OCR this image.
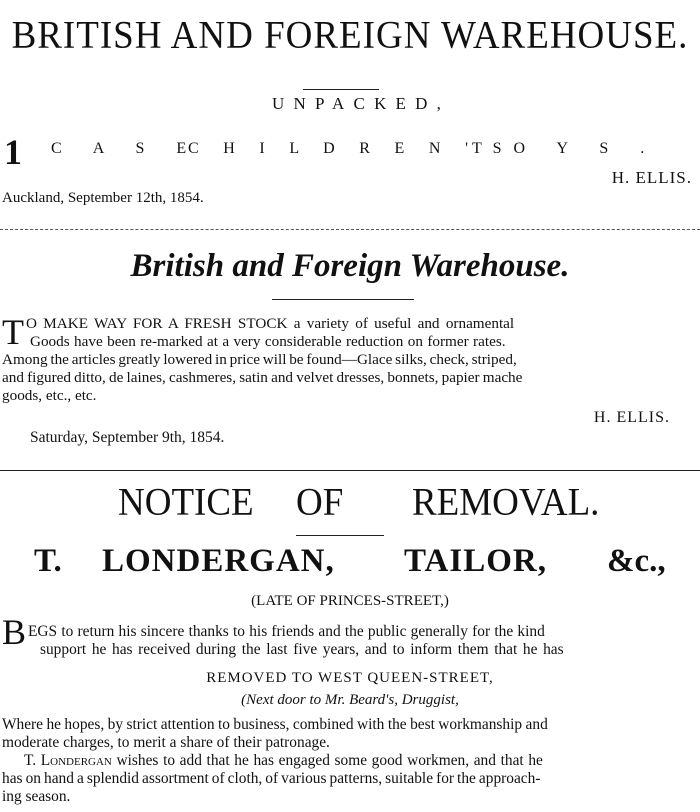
BRITISH AND FOREIGN WAREHOUSE.
UNPACKED,
1 C A S E
C H I L D R E N ' S
T O Y S .
H. ELLIS.
Auckland, September 12th, 1854.
British and Foreign Warehouse.
T O MAKE WAY FOR A FRESH STOCK a variety of useful and ornamental
Goods have been re-marked at a very considerable reduction on former rates.
Among the articles greatly lowered in price will be found—Glace silks, check, striped,
and figured ditto, de laines, cashmeres, satin and velvet dresses, bonnets, papier mache
goods, etc., etc.
H. ELLIS.
Saturday, September 9th, 1854.
NOTICE OF REMOVAL.
T. LONDERGAN, TAILOR, &c.,
(LATE OF PRINCES-STREET,)
B EGS to return his sincere thanks to his friends and the public generally for the kind
support he has received during the last five years, and to inform them that he has
REMOVED TO WEST QUEEN-STREET,
(Next door to Mr. Beard's, Druggist,
Where he hopes, by strict attention to business, combined with the best workmanship and
moderate charges, to merit a share of their patronage.
T. Londergan wishes to add that he has engaged some good workmen, and that he
has on hand a splendid assortment of cloth, of various patterns, suitable for the approach-
ing season.
